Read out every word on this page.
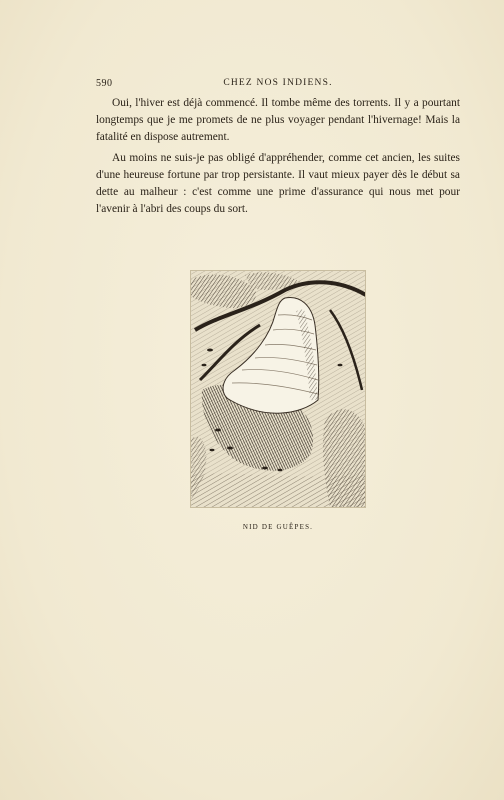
590	CHEZ NOS INDIENS.

Oui, l'hiver est déjà commencé. Il tombe même des torrents. Il y a pourtant longtemps que je me promets de ne plus voyager pendant l'hivernage! Mais la fatalité en dispose autrement.

Au moins ne suis-je pas obligé d'appréhender, comme cet ancien, les suites d'une heureuse fortune par trop persistante. Il vaut mieux payer dès le début sa dette au malheur : c'est comme une prime d'assurance qui nous met pour l'avenir à l'abri des coups du sort.

NID DE GUÊPES.
